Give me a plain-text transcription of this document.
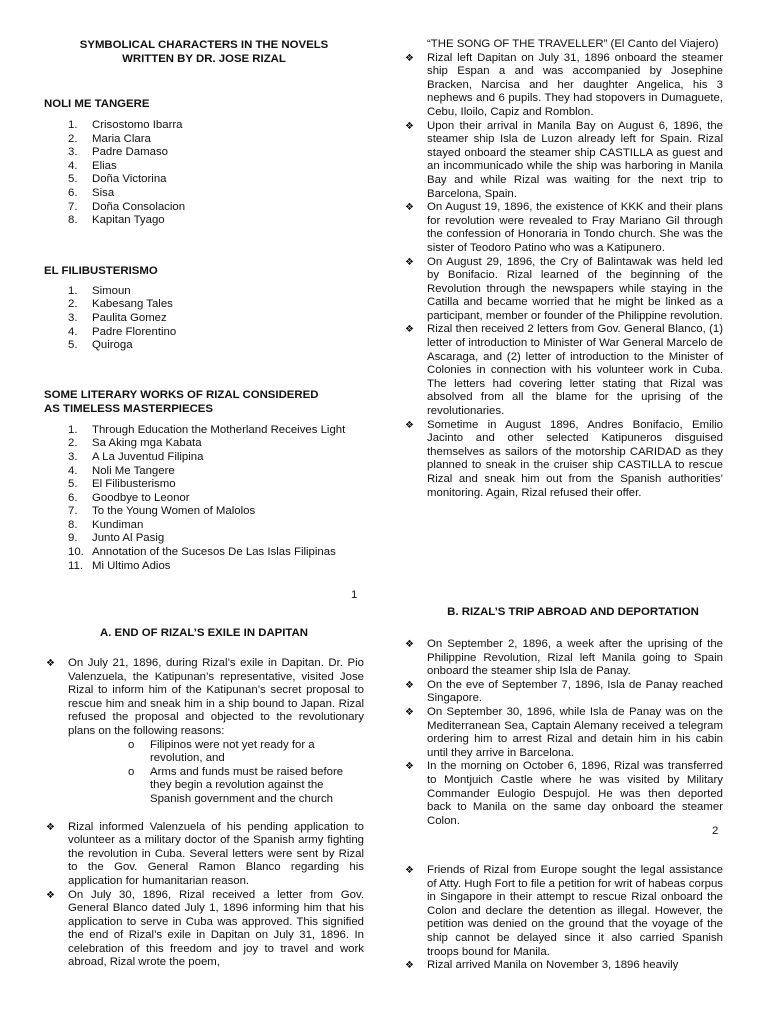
SYMBOLICAL CHARACTERS IN THE NOVELS
WRITTEN BY DR. JOSE RIZAL
NOLI ME TANGERE
1.	Crisostomo Ibarra
2.	Maria Clara
3.	Padre Damaso
4.	Elias
5.	Doña Victorina
6.	Sisa
7.	Doña Consolacion
8.	Kapitan Tyago
EL FILIBUSTERISMO
1.	Simoun
2.	Kabesang Tales
3.	Paulita Gomez
4.	Padre Florentino
5.	Quiroga
SOME LITERARY WORKS OF RIZAL CONSIDERED
AS TIMELESS MASTERPIECES
1.	Through Education the Motherland Receives Light
2.	Sa Aking mga Kabata
3.	A La Juventud Filipina
4.	Noli Me Tangere
5.	El Filibusterismo
6.	Goodbye to Leonor
7.	To the Young Women of Malolos
8.	Kundiman
9.	Junto Al Pasig
10. Annotation of the Sucesos De Las Islas Filipinas
11. Mi Ultimo Adios
1
A. END OF RIZAL’S EXILE IN DAPITAN
❖ On July 21, 1896, during Rizal’s exile in Dapitan. Dr. Pio Valenzuela, the Katipunan’s representative, visited Jose Rizal to inform him of the Katipunan’s secret proposal to rescue him and sneak him in a ship bound to Japan. Rizal refused the proposal and objected to the revolutionary plans on the following reasons:
o Filipinos were not yet ready for a revolution, and
o Arms and funds must be raised before they begin a revolution against the Spanish government and the church
❖ Rizal informed Valenzuela of his pending application to volunteer as a military doctor of the Spanish army fighting the revolution in Cuba. Several letters were sent by Rizal to the Gov. General Ramon Blanco regarding his application for humanitarian reason.
❖ On July 30, 1896, Rizal received a letter from Gov. General Blanco dated July 1, 1896 informing him that his application to serve in Cuba was approved. This signified the end of Rizal’s exile in Dapitan on July 31, 1896. In celebration of this freedom and joy to travel and work abroad, Rizal wrote the poem,
“THE SONG OF THE TRAVELLER” (El Canto del Viajero)
❖ Rizal left Dapitan on July 31, 1896 onboard the steamer ship Espan a and was accompanied by Josephine Bracken, Narcisa and her daughter Angelica, his 3 nephews and 6 pupils. They had stopovers in Dumaguete, Cebu, Iloilo, Capiz and Romblon.
❖ Upon their arrival in Manila Bay on August 6, 1896, the steamer ship Isla de Luzon already left for Spain. Rizal stayed onboard the steamer ship CASTILLA as guest and an incommunicado while the ship was harboring in Manila Bay and while Rizal was waiting for the next trip to Barcelona, Spain.
❖ On August 19, 1896, the existence of KKK and their plans for revolution were revealed to Fray Mariano Gil through the confession of Honoraria in Tondo church. She was the sister of Teodoro Patino who was a Katipunero.
❖ On August 29, 1896, the Cry of Balintawak was held led by Bonifacio. Rizal learned of the beginning of the Revolution through the newspapers while staying in the Catilla and became worried that he might be linked as a participant, member or founder of the Philippine revolution.
❖ Rizal then received 2 letters from Gov. General Blanco, (1) letter of introduction to Minister of War General Marcelo de Ascaraga, and (2) letter of introduction to the Minister of Colonies in connection with his volunteer work in Cuba. The letters had covering letter stating that Rizal was absolved from all the blame for the uprising of the revolutionaries.
❖ Sometime in August 1896, Andres Bonifacio, Emilio Jacinto and other selected Katipuneros disguised themselves as sailors of the motorship CARIDAD as they planned to sneak in the cruiser ship CASTILLA to rescue Rizal and sneak him out from the Spanish authorities’ monitoring. Again, Rizal refused their offer.
B. RIZAL’S TRIP ABROAD AND DEPORTATION
❖ On September 2, 1896, a week after the uprising of the Philippine Revolution, Rizal left Manila going to Spain onboard the steamer ship Isla de Panay.
❖ On the eve of September 7, 1896, Isla de Panay reached Singapore.
❖ On September 30, 1896, while Isla de Panay was on the Mediterranean Sea, Captain Alemany received a telegram ordering him to arrest Rizal and detain him in his cabin until they arrive in Barcelona.
❖ In the morning on October 6, 1896, Rizal was transferred to Montjuich Castle where he was visited by Military Commander Eulogio Despujol. He was then deported back to Manila on the same day onboard the steamer Colon.
2
❖ Friends of Rizal from Europe sought the legal assistance of Atty. Hugh Fort to file a petition for writ of habeas corpus in Singapore in their attempt to rescue Rizal onboard the Colon and declare the detention as illegal. However, the petition was denied on the ground that the voyage of the ship cannot be delayed since it also carried Spanish troops bound for Manila.
❖ Rizal arrived Manila on November 3, 1896 heavily
